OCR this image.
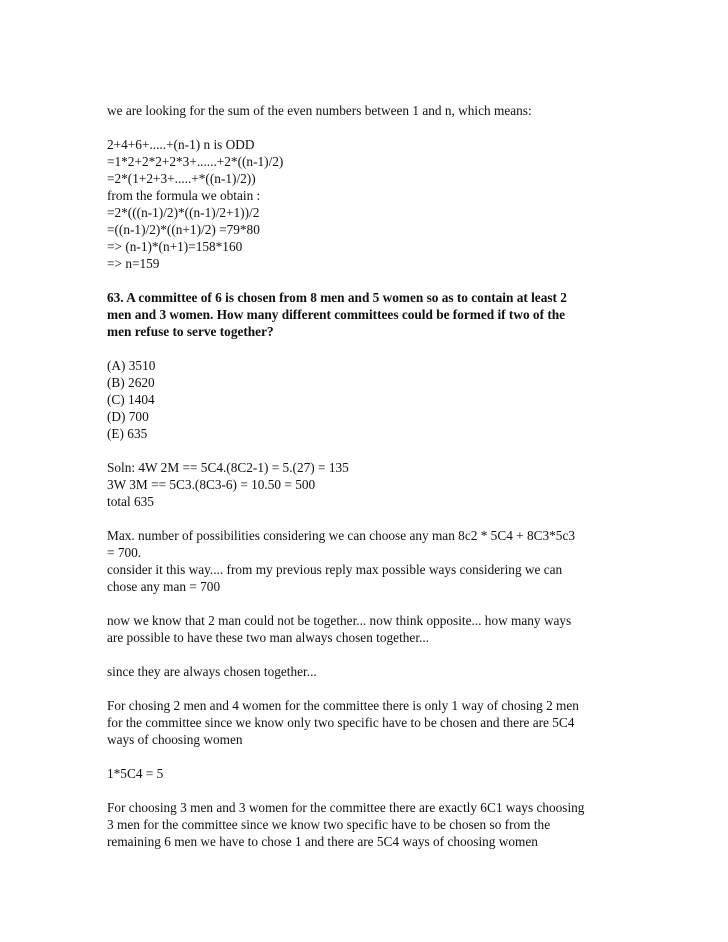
we are looking for the sum of the even numbers between 1 and n, which means:
2+4+6+.....+(n-1) n is ODD
=1*2+2*2+2*3+......+2*((n-1)/2)
=2*(1+2+3+.....+*((n-1)/2))
from the formula we obtain :
=2*(((n-1)/2)*((n-1)/2+1))/2
=((n-1)/2)*((n+1)/2) =79*80
=> (n-1)*(n+1)=158*160
=> n=159
63. A committee of 6 is chosen from 8 men and 5 women so as to contain at least 2
men and 3 women. How many different committees could be formed if two of the
men refuse to serve together?
(A) 3510
(B) 2620
(C) 1404
(D) 700
(E) 635
Soln: 4W 2M == 5C4.(8C2-1) = 5.(27) = 135
3W 3M == 5C3.(8C3-6) = 10.50 = 500
total 635
Max. number of possibilities considering we can choose any man 8c2 * 5C4 + 8C3*5c3
= 700.
consider it this way.... from my previous reply max possible ways considering we can
chose any man = 700
now we know that 2 man could not be together... now think opposite... how many ways
are possible to have these two man always chosen together...
since they are always chosen together...
For chosing 2 men and 4 women for the committee there is only 1 way of chosing 2 men
for the committee since we know only two specific have to be chosen and there are 5C4
ways of choosing women
1*5C4 = 5
For choosing 3 men and 3 women for the committee there are exactly 6C1 ways choosing
3 men for the committee since we know two specific have to be chosen so from the
remaining 6 men we have to chose 1 and there are 5C4 ways of choosing women
